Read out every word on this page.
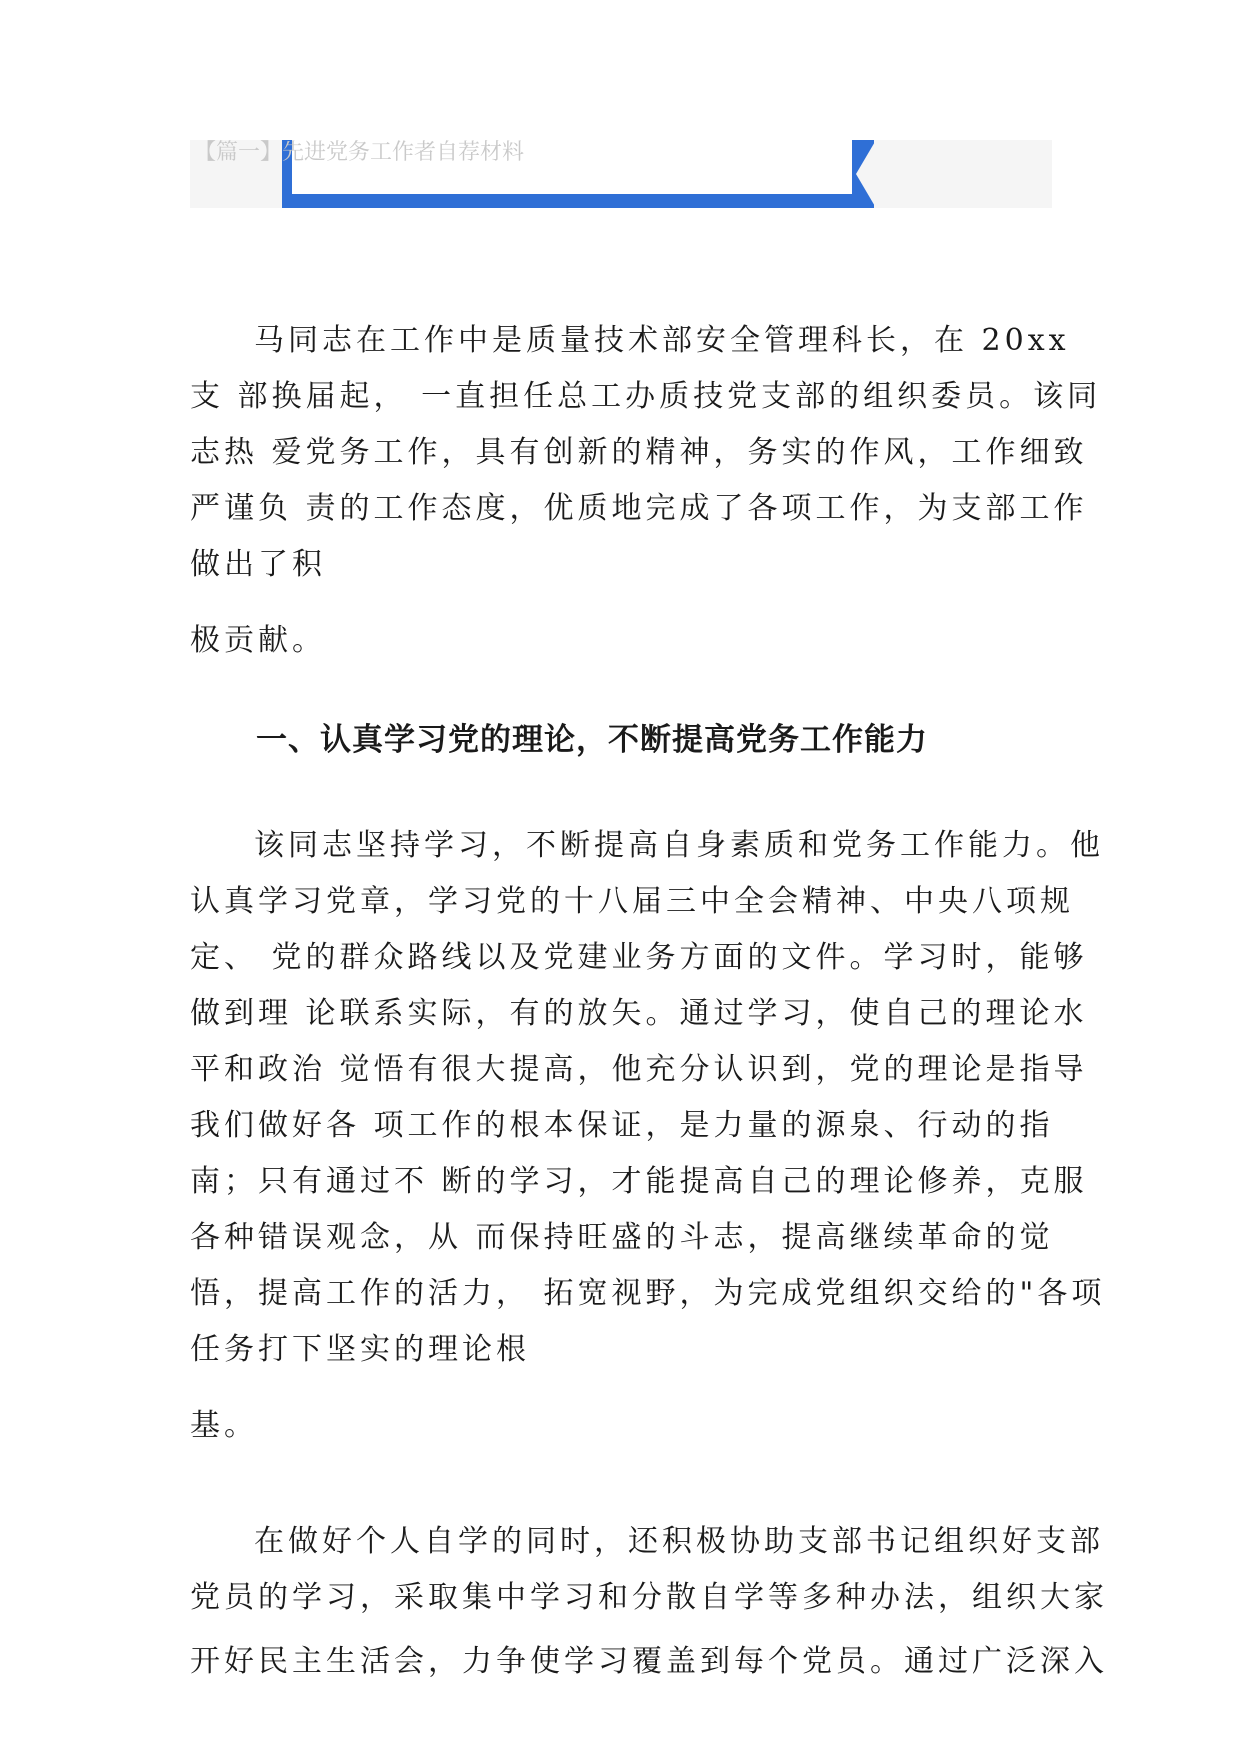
【篇一】先进党务工作者自荐材料
马同志在工作中是质量技术部安全管理科长，在 20xx
支 部换届起， 一直担任总工办质技党支部的组织委员。该同
志热 爱党务工作，具有创新的精神，务实的作风，工作细致
严谨负 责的工作态度，优质地完成了各项工作，为支部工作
做出了积
极贡献。
一、认真学习党的理论，不断提高党务工作能力
该同志坚持学习，不断提高自身素质和党务工作能力。他
认真学习党章，学习党的十八届三中全会精神、中央八项规
定、 党的群众路线以及党建业务方面的文件。学习时，能够
做到理 论联系实际，有的放矢。通过学习，使自己的理论水
平和政治 觉悟有很大提高，他充分认识到，党的理论是指导
我们做好各 项工作的根本保证，是力量的源泉、行动的指
南；只有通过不 断的学习，才能提高自己的理论修养，克服
各种错误观念，从 而保持旺盛的斗志，提高继续革命的觉
悟，提高工作的活力， 拓宽视野，为完成党组织交给的"各项
任务打下坚实的理论根
基。
在做好个人自学的同时，还积极协助支部书记组织好支部
党员的学习，采取集中学习和分散自学等多种办法，组织大家
开好民主生活会，力争使学习覆盖到每个党员。通过广泛深入
